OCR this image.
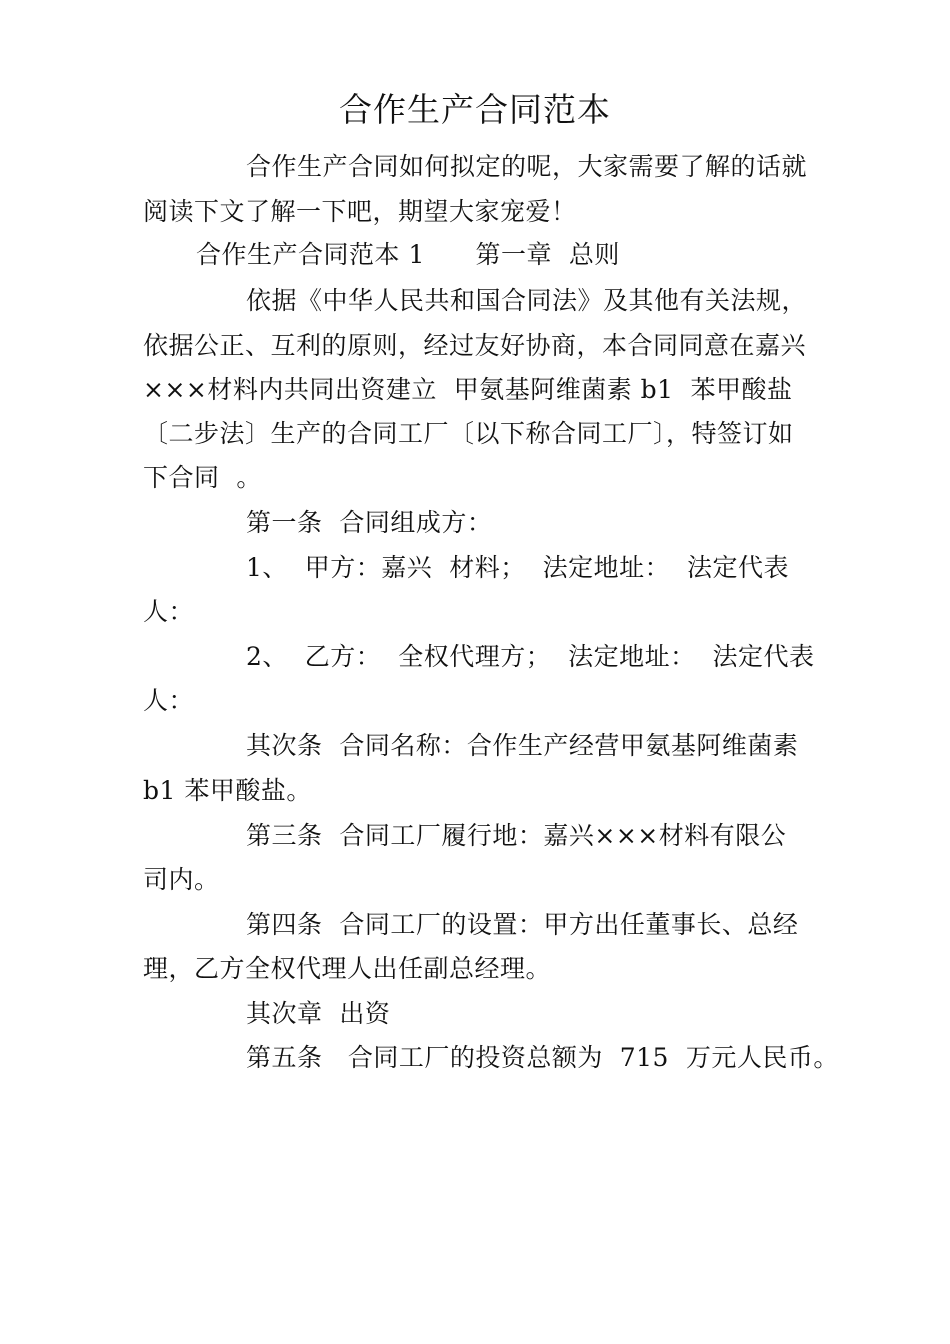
合作生产合同范本
合作生产合同如何拟定的呢，大家需要了解的话就
阅读下文了解一下吧，期望大家宠爱！
合作生产合同范本 1      第一章  总则
依据《中华人民共和国合同法》及其他有关法规，
依据公正、互利的原则，经过友好协商，本合同同意在嘉兴
×××材料内共同出资建立  甲氨基阿维菌素 b1  苯甲酸盐
〔二步法〕生产的合同工厂〔以下称合同工厂〕，特签订如
下合同  。
第一条  合同组成方：
1、  甲方：嘉兴  材料；  法定地址：  法定代表
人：
2、  乙方：  全权代理方；  法定地址：  法定代表
人：
其次条  合同名称：合作生产经营甲氨基阿维菌素
b1 苯甲酸盐。
第三条  合同工厂履行地：嘉兴×××材料有限公
司内。
第四条  合同工厂的设置：甲方出任董事长、总经
理，乙方全权代理人出任副总经理。
其次章  出资
第五条   合同工厂的投资总额为  715  万元人民币。
